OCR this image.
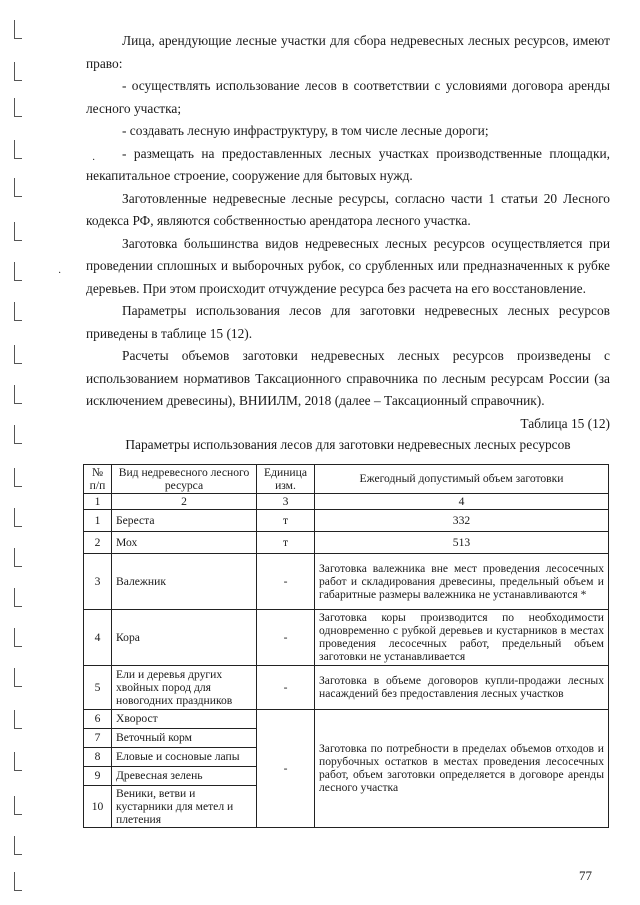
·
·

Лица, арендующие лесные участки для сбора недревесных лесных ресурсов, имеют право:

- осуществлять использование лесов в соответствии с условиями договора аренды лесного участка;

- создавать лесную инфраструктуру, в том числе лесные дороги;

- размещать на предоставленных лесных участках производственные площадки, некапитальное строение, сооружение для бытовых нужд.

Заготовленные недревесные лесные ресурсы, согласно части 1 статьи 20 Лесного кодекса РФ, являются собственностью арендатора лесного участка.

Заготовка большинства видов недревесных лесных ресурсов осуществляется при проведении сплошных и выборочных рубок, со срубленных или предназначенных к рубке деревьев. При этом происходит отчуждение ресурса без расчета на его восстановление.

Параметры использования лесов для заготовки недревесных лесных ресурсов приведены в таблице 15 (12).

Расчеты объемов заготовки недревесных лесных ресурсов произведены с использованием нормативов Таксационного справочника по лесным ресурсам России (за исключением древесины), ВНИИЛМ, 2018 (далее – Таксационный справочник).

Таблица 15 (12)

Параметры использования лесов для заготовки недревесных лесных ресурсов

№ п/п	Вид недревесного лесного ресурса	Единица изм.	Ежегодный допустимый объем заготовки
1	2	3	4
1	Береста	т	332
2	Мох	т	513
3	Валежник	-	Заготовка валежника вне мест проведения лесосечных работ и складирования древесины, предельный объем и габаритные размеры валежника не устанавливаются *
4	Кора	-	Заготовка коры производится по необходимости одновременно с рубкой деревьев и кустарников в местах проведения лесосечных работ, предельный объем заготовки не устанавливается
5	Ели и деревья других хвойных пород для новогодних праздников	-	Заготовка в объеме договоров купли-продажи лесных насаждений без предоставления лесных участков
6	Хворост	-	Заготовка по потребности в пределах объемов отходов и порубочных остатков в местах проведения лесосечных работ, объем заготовки определяется в договоре аренды лесного участка
7	Веточный корм		
8	Еловые и сосновые лапы		
9	Древесная зелень		
10	Веники, ветви и кустарники для метел и плетения		
77
